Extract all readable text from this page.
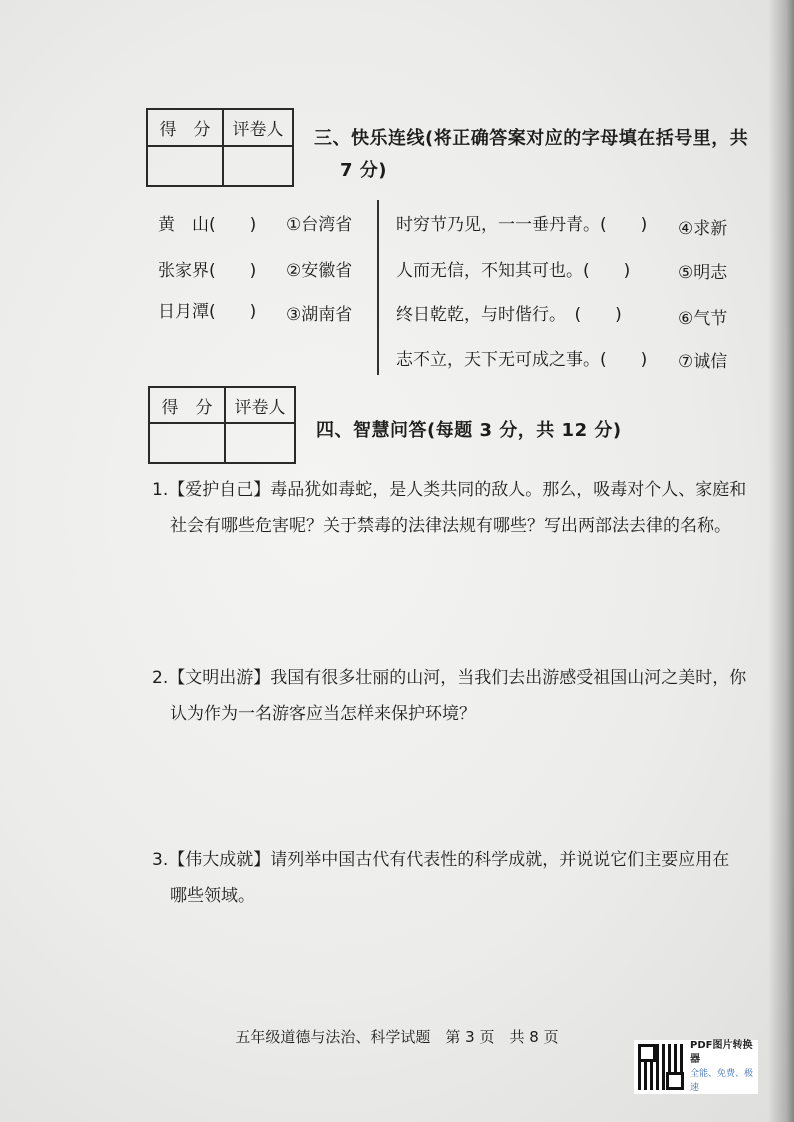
得　分	评卷人
	三、快乐连线(将正确答案对应的字母填在括号里，共
7 分)
黄　山(　　) ①台湾省
张家界(　　) ②安徽省
日月潭(　　) ③湖南省
时穷节乃见，一一垂丹青。(　　) ④求新
人而无信，不知其可也。(　　)	⑤明志
终日乾乾，与时偕行。　(　　)	⑥气节
志不立，天下无可成之事。(　　) ⑦诚信
得　分	评卷人

四、智慧问答(每题 3 分，共 12 分)
1.【爱护自己】毒品犹如毒蛇，是人类共同的敌人。那么，吸毒对个人、家庭和
社会有哪些危害呢？关于禁毒的法律法规有哪些？写出两部法去律的名称。
2.【文明出游】我国有很多壮丽的山河，当我们去出游感受祖国山河之美时，你
认为作为一名游客应当怎样来保护环境？
3.【伟大成就】请列举中国古代有代表性的科学成就，并说说它们主要应用在
哪些领域。
五年级道德与法治、科学试题　第 3 页　共 8 页	PDF图片转换器
全能、免费、极速
